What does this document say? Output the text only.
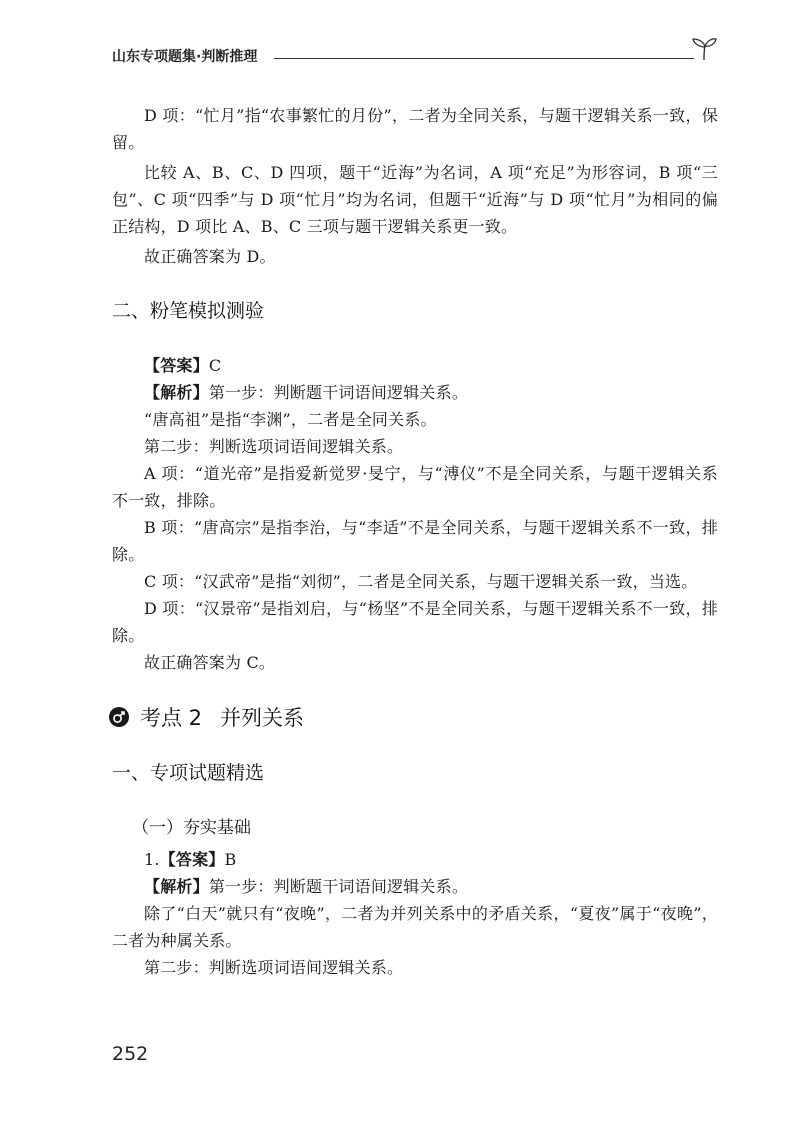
山东专项题集·判断推理

D 项：“忙月”指“农事繁忙的月份”，二者为全同关系，与题干逻辑关系一致，保留。

比较 A、B、C、D 四项，题干“近海”为名词，A 项“充足”为形容词，B 项“三包”、C 项“四季”与 D 项“忙月”均为名词，但题干“近海”与 D 项“忙月”为相同的偏正结构，D 项比 A、B、C 三项与题干逻辑关系更一致。

故正确答案为 D。

二、粉笔模拟测验

【答案】C

【解析】第一步：判断题干词语间逻辑关系。

“唐高祖”是指“李渊”，二者是全同关系。

第二步：判断选项词语间逻辑关系。

A 项：“道光帝”是指爱新觉罗·旻宁，与“溥仪”不是全同关系，与题干逻辑关系不一致，排除。

B 项：“唐高宗”是指李治，与“李适”不是全同关系，与题干逻辑关系不一致，排除。

C 项：“汉武帝”是指“刘彻”，二者是全同关系，与题干逻辑关系一致，当选。

D 项：“汉景帝”是指刘启，与“杨坚”不是全同关系，与题干逻辑关系不一致，排除。

故正确答案为 C。

考点 2 并列关系
一、专项试题精选
（一）夯实基础

1.【答案】B

【解析】第一步：判断题干词语间逻辑关系。

除了“白天”就只有“夜晚”，二者为并列关系中的矛盾关系，“夏夜”属于“夜晚”，二者为种属关系。

第二步：判断选项词语间逻辑关系。

252
